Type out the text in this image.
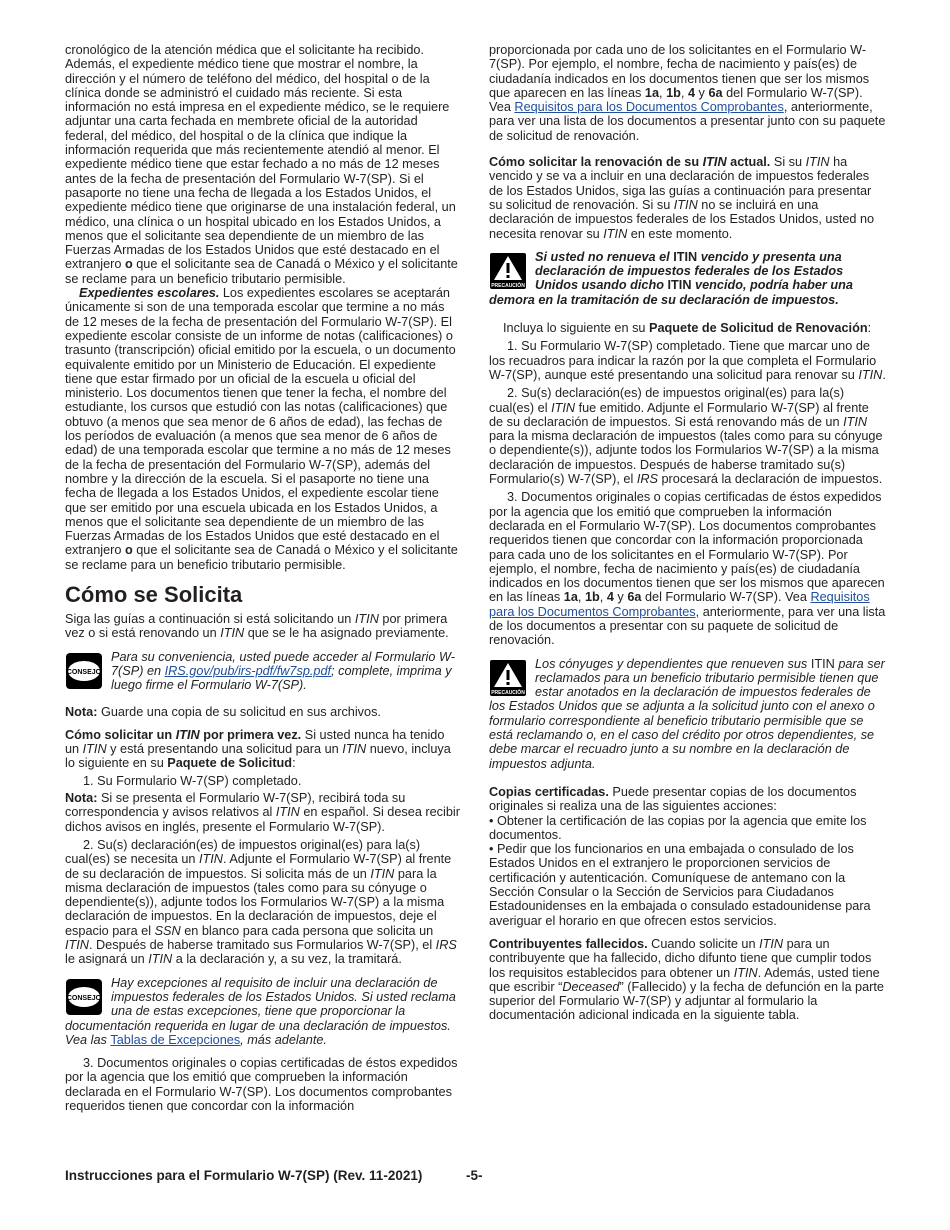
cronológico de la atención médica que el solicitante ha recibido. Además, el expediente médico tiene que mostrar el nombre, la dirección y el número de teléfono del médico, del hospital o de la clínica donde se administró el cuidado más reciente. Si esta información no está impresa en el expediente médico, se le requiere adjuntar una carta fechada en membrete oficial de la autoridad federal, del médico, del hospital o de la clínica que indique la información requerida que más recientemente atendió al menor. El expediente médico tiene que estar fechado a no más de 12 meses antes de la fecha de presentación del Formulario W-7(SP). Si el pasaporte no tiene una fecha de llegada a los Estados Unidos, el expediente médico tiene que originarse de una instalación federal, un médico, una clínica o un hospital ubicado en los Estados Unidos, a menos que el solicitante sea dependiente de un miembro de las Fuerzas Armadas de los Estados Unidos que esté destacado en el extranjero o que el solicitante sea de Canadá o México y el solicitante se reclame para un beneficio tributario permisible.

Expedientes escolares. Los expedientes escolares se aceptarán únicamente si son de una temporada escolar que termine a no más de 12 meses de la fecha de presentación del Formulario W-7(SP). El expediente escolar consiste de un informe de notas (calificaciones) o trasunto (transcripción) oficial emitido por la escuela, o un documento equivalente emitido por un Ministerio de Educación. El expediente tiene que estar firmado por un oficial de la escuela u oficial del ministerio. Los documentos tienen que tener la fecha, el nombre del estudiante, los cursos que estudió con las notas (calificaciones) que obtuvo (a menos que sea menor de 6 años de edad), las fechas de los períodos de evaluación (a menos que sea menor de 6 años de edad) de una temporada escolar que termine a no más de 12 meses de la fecha de presentación del Formulario W-7(SP), además del nombre y la dirección de la escuela. Si el pasaporte no tiene una fecha de llegada a los Estados Unidos, el expediente escolar tiene que ser emitido por una escuela ubicada en los Estados Unidos, a menos que el solicitante sea dependiente de un miembro de las Fuerzas Armadas de los Estados Unidos que esté destacado en el extranjero o que el solicitante sea de Canadá o México y el solicitante se reclame para un beneficio tributario permisible.

Cómo se Solicita

Siga las guías a continuación si está solicitando un ITIN por primera vez o si está renovando un ITIN que se le ha asignado previamente.

CONSEJO
Para su conveniencia, usted puede acceder al Formulario W-7(SP) en IRS.gov/pub/irs-pdf/fw7sp.pdf; complete, imprima y luego firme el Formulario W-7(SP).

Nota: Guarde una copia de su solicitud en sus archivos.

Cómo solicitar un ITIN por primera vez. Si usted nunca ha tenido un ITIN y está presentando una solicitud para un ITIN nuevo, incluya lo siguiente en su Paquete de Solicitud:

1. Su Formulario W-7(SP) completado.

Nota: Si se presenta el Formulario W-7(SP), recibirá toda su correspondencia y avisos relativos al ITIN en español. Si desea recibir dichos avisos en inglés, presente el Formulario W-7(SP).

2. Su(s) declaración(es) de impuestos original(es) para la(s) cual(es) se necesita un ITIN. Adjunte el Formulario W-7(SP) al frente de su declaración de impuestos. Si solicita más de un ITIN para la misma declaración de impuestos (tales como para su cónyuge o dependiente(s)), adjunte todos los Formularios W-7(SP) a la misma declaración de impuestos. En la declaración de impuestos, deje el espacio para el SSN en blanco para cada persona que solicita un ITIN. Después de haberse tramitado sus Formularios W-7(SP), el IRS le asignará un ITIN a la declaración y, a su vez, la tramitará.

CONSEJO
Hay excepciones al requisito de incluir una declaración de impuestos federales de los Estados Unidos. Si usted reclama una de estas excepciones, tiene que proporcionar la documentación requerida en lugar de una declaración de impuestos. Vea las Tablas de Excepciones, más adelante.

3. Documentos originales o copias certificadas de éstos expedidos por la agencia que los emitió que comprueben la información declarada en el Formulario W-7(SP). Los documentos comprobantes requeridos tienen que concordar con la información

proporcionada por cada uno de los solicitantes en el Formulario W-7(SP). Por ejemplo, el nombre, fecha de nacimiento y país(es) de ciudadanía indicados en los documentos tienen que ser los mismos que aparecen en las líneas 1a, 1b, 4 y 6a del Formulario W-7(SP). Vea Requisitos para los Documentos Comprobantes, anteriormente, para ver una lista de los documentos a presentar junto con su paquete de solicitud de renovación.

Cómo solicitar la renovación de su ITIN actual. Si su ITIN ha vencido y se va a incluir en una declaración de impuestos federales de los Estados Unidos, siga las guías a continuación para presentar su solicitud de renovación. Si su ITIN no se incluirá en una declaración de impuestos federales de los Estados Unidos, usted no necesita renovar su ITIN en este momento.

PRECAUCIÓN
Si usted no renueva el ITIN vencido y presenta una declaración de impuestos federales de los Estados Unidos usando dicho ITIN vencido, podría haber una demora en la tramitación de su declaración de impuestos.

Incluya lo siguiente en su Paquete de Solicitud de Renovación:

1. Su Formulario W-7(SP) completado. Tiene que marcar uno de los recuadros para indicar la razón por la que completa el Formulario W-7(SP), aunque esté presentando una solicitud para renovar su ITIN.

2. Su(s) declaración(es) de impuestos original(es) para la(s) cual(es) el ITIN fue emitido. Adjunte el Formulario W-7(SP) al frente de su declaración de impuestos. Si está renovando más de un ITIN para la misma declaración de impuestos (tales como para su cónyuge o dependiente(s)), adjunte todos los Formularios W-7(SP) a la misma declaración de impuestos. Después de haberse tramitado su(s) Formulario(s) W-7(SP), el IRS procesará la declaración de impuestos.

3. Documentos originales o copias certificadas de éstos expedidos por la agencia que los emitió que comprueben la información declarada en el Formulario W-7(SP). Los documentos comprobantes requeridos tienen que concordar con la información proporcionada para cada uno de los solicitantes en el Formulario W-7(SP). Por ejemplo, el nombre, fecha de nacimiento y país(es) de ciudadanía indicados en los documentos tienen que ser los mismos que aparecen en las líneas 1a, 1b, 4 y 6a del Formulario W-7(SP). Vea Requisitos para los Documentos Comprobantes, anteriormente, para ver una lista de los documentos a presentar con su paquete de solicitud de renovación.

PRECAUCIÓN
Los cónyuges y dependientes que renueven sus ITIN para ser reclamados para un beneficio tributario permisible tienen que estar anotados en la declaración de impuestos federales de los Estados Unidos que se adjunta a la solicitud junto con el anexo o formulario correspondiente al beneficio tributario permisible que se está reclamando o, en el caso del crédito por otros dependientes, se debe marcar el recuadro junto a su nombre en la declaración de impuestos adjunta.

Copias certificadas. Puede presentar copias de los documentos originales si realiza una de las siguientes acciones:

• Obtener la certificación de las copias por la agencia que emite los documentos.

• Pedir que los funcionarios en una embajada o consulado de los Estados Unidos en el extranjero le proporcionen servicios de certificación y autenticación. Comuníquese de antemano con la Sección Consular o la Sección de Servicios para Ciudadanos Estadounidenses en la embajada o consulado estadounidense para averiguar el horario en que ofrecen estos servicios.

Contribuyentes fallecidos. Cuando solicite un ITIN para un contribuyente que ha fallecido, dicho difunto tiene que cumplir todos los requisitos establecidos para obtener un ITIN. Además, usted tiene que escribir “Deceased” (Fallecido) y la fecha de defunción en la parte superior del Formulario W-7(SP) y adjuntar al formulario la documentación adicional indicada en la siguiente tabla.

Instrucciones para el Formulario W-7(SP) (Rev. 11-2021)	-5-
